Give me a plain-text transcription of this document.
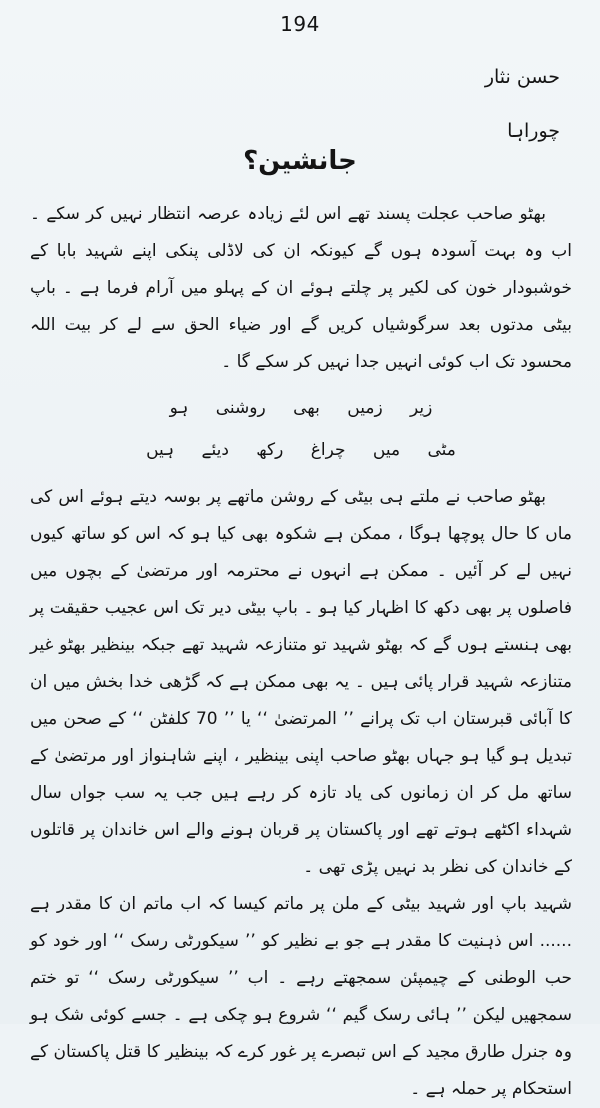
194
حسن نثار
چوراہا
جانشین؟

بھٹو صاحب عجلت پسند تھے اس لئے زیادہ عرصہ انتظار نہیں کر سکے ۔ اب وہ بہت آسودہ ہوں گے کیونکہ ان کی لاڈلی پنکی اپنے شہید بابا کے خوشبودار خون کی لکیر پر چلتے ہوئے ان کے پہلو میں آرام فرما ہے ۔ باپ بیٹی مدتوں بعد سرگوشیاں کریں گے اور ضیاء الحق سے لے کر بیت اللہ محسود تک اب کوئی انہیں جدا نہیں کر سکے گا ۔

زیر زمیں بھی روشنی ہو
مٹی میں چراغ رکھ دیئے ہیں

بھٹو صاحب نے ملتے ہی بیٹی کے روشن ماتھے پر بوسہ دیتے ہوئے اس کی ماں کا حال پوچھا ہوگا ، ممکن ہے شکوہ بھی کیا ہو کہ اس کو ساتھ کیوں نہیں لے کر آئیں ۔ ممکن ہے انہوں نے محترمہ اور مرتضیٰ کے بچوں میں فاصلوں پر بھی دکھ کا اظہار کیا ہو ۔ باپ بیٹی دیر تک اس عجیب حقیقت پر بھی ہنستے ہوں گے کہ بھٹو شہید تو متنازعہ شہید تھے جبکہ بینظیر بھٹو غیر متنازعہ شہید قرار پائی ہیں ۔ یہ بھی ممکن ہے کہ گڑھی خدا بخش میں ان کا آبائی قبرستان اب تک پرانے ’’ المرتضیٰ ‘‘ یا ’’ 70 کلفٹن ‘‘ کے صحن میں تبدیل ہو گیا ہو جہاں بھٹو صاحب اپنی بینظیر ، اپنے شاہنواز اور مرتضیٰ کے ساتھ مل کر ان زمانوں کی یاد تازہ کر رہے ہیں جب یہ سب جواں سال شہداء اکٹھے ہوتے تھے اور پاکستان پر قربان ہونے والے اس خاندان پر قاتلوں کے خاندان کی نظر بد نہیں پڑی تھی ۔

شہید باپ اور شہید بیٹی کے ملن پر ماتم کیسا کہ اب ماتم ان کا مقدر ہے ...... اس ذہنیت کا مقدر ہے جو بے نظیر کو ’’ سیکورٹی رسک ‘‘ اور خود کو حب الوطنی کے چیمپئن سمجھتے رہے ۔ اب ’’ سیکورٹی رسک ‘‘ تو ختم سمجھیں لیکن ’’ ہائی رسک گیم ‘‘ شروع ہو چکی ہے ۔ جسے کوئی شک ہو وہ جنرل طارق مجید کے اس تبصرے پر غور کرے کہ بینظیر کا قتل پاکستان کے استحکام پر حملہ ہے ۔
